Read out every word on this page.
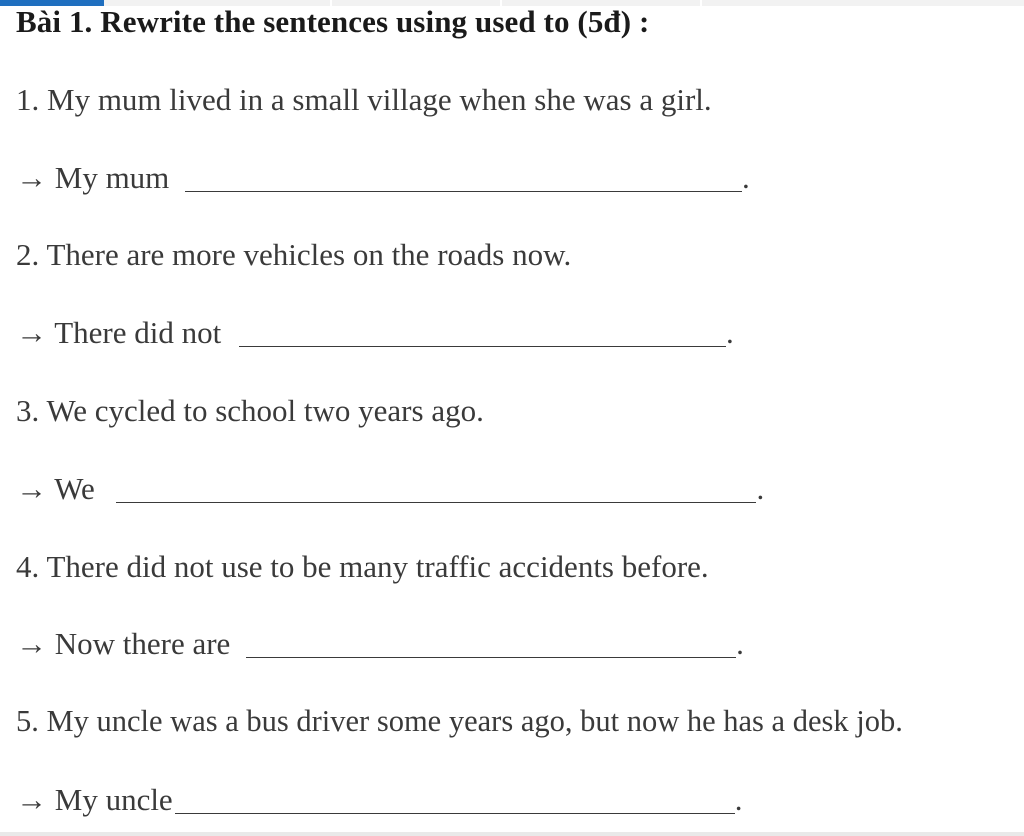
Bài 1. Rewrite the sentences using used to (5đ) :
1. My mum lived in a small village when she was a girl.
→ My mum	.
2. There are more vehicles on the roads now.
→ There did not	.
3. We cycled to school two years ago.
→ We	.
4. There did not use to be many traffic accidents before.
→ Now there are	.
5. My uncle was a bus driver some years ago, but now he has a desk job.
→ My uncle	.
